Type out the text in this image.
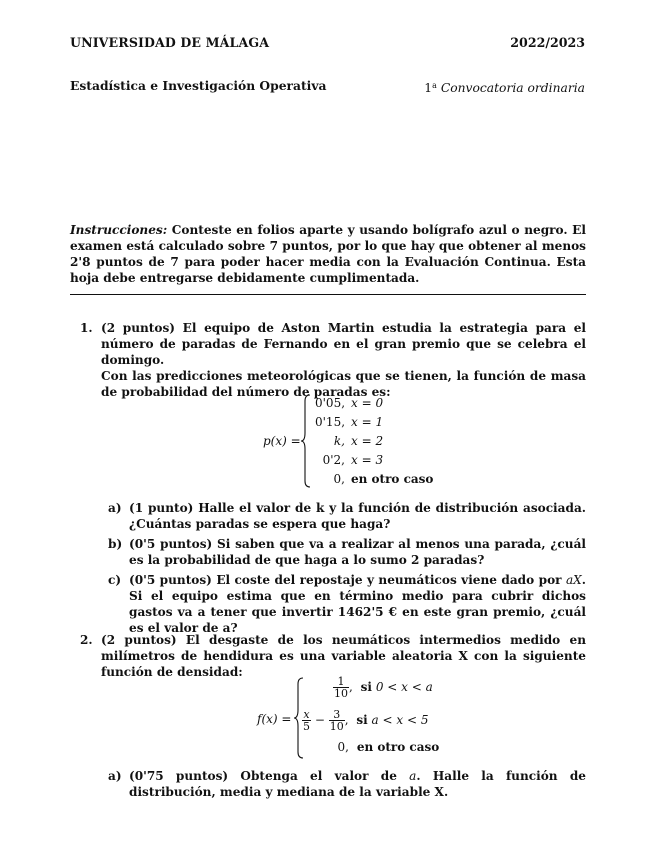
UNIVERSIDAD DE MÁLAGA	2022/2023
Estadística e Investigación Operativa	1$^a$ Convocatoria ordinaria
Instrucciones: Conteste en folios aparte y usando bolígrafo azul o negro. El examen está calculado sobre 7 puntos, por lo que hay que obtener al menos 2'8 puntos de 7 para poder hacer media con la Evaluación Continua. Esta hoja debe entregarse debidamente cumplimentada.
1. (2 puntos) El equipo de Aston Martin estudia la estrategia para el número de paradas de Fernando en el gran premio que se celebra el domingo.
Con las predicciones meteorológicas que se tienen, la función de masa de probabilidad del número de paradas es:
p(x) =
0'05, x = 0
0'15, x = 1
k, x = 2
0'2, x = 3
0, en otro caso
a) (1 punto) Halle el valor de k y la función de distribución asociada. ¿Cuántas paradas se espera que haga?
b) (0'5 puntos) Si saben que va a realizar al menos una parada, ¿cuál es la probabilidad de que haga a lo sumo 2 paradas?
c) (0'5 puntos) El coste del repostaje y neumáticos viene dado por aX. Si el equipo estima que en término medio para cubrir dichos gastos va a tener que invertir 1462'5 € en este gran premio, ¿cuál es el valor de a?
2. (2 puntos) El desgaste de los neumáticos intermedios medido en milímetros de hendidura es una variable aleatoria X con la siguiente función de densidad:
f(x) =
$\frac{1}{10}$ , si 0 < x < a
$\frac{x}{5} - \frac{3}{10}$ , si a < x < 5
0, en otro caso
a) (0'75 puntos) Obtenga el valor de a. Halle la función de distribución, media y mediana de la variable X.
